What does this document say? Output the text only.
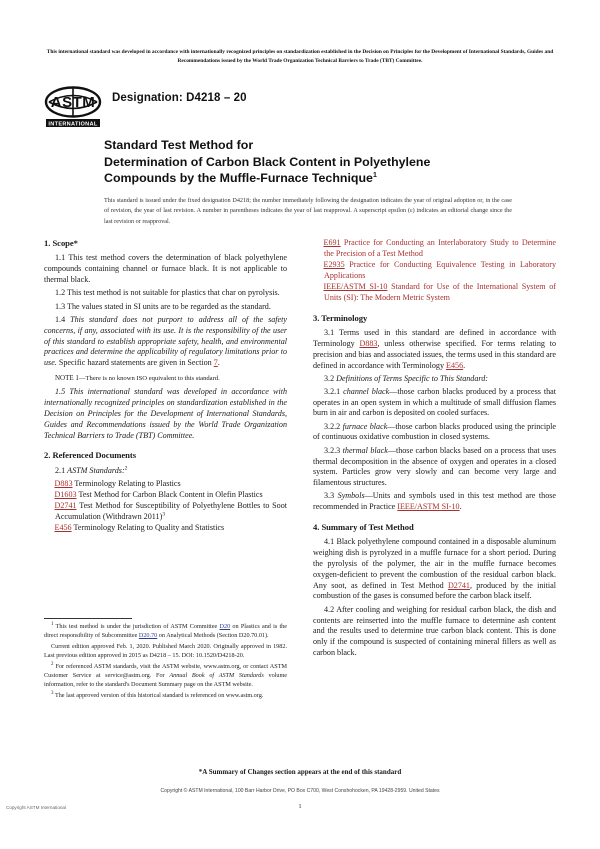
This international standard was developed in accordance with internationally recognized principles on standardization established in the Decision on Principles for the Development of International Standards, Guides and Recommendations issued by the World Trade Organization Technical Barriers to Trade (TBT) Committee.
ASTM
INTERNATIONAL
Designation: D4218 – 20
Standard Test Method for
Determination of Carbon Black Content in Polyethylene
Compounds by the Muffle-Furnace Technique$^1$
This standard is issued under the fixed designation D4218; the number immediately following the designation indicates the year of original adoption or, in the case of revision, the year of last revision. A number in parentheses indicates the year of last reapproval. A superscript epsilon (ε) indicates an editorial change since the last revision or reapproval.
1. Scope*

1.1 This test method covers the determination of black polyethylene compounds containing channel or furnace black. It is not applicable to thermal black.

1.2 This test method is not suitable for plastics that char on pyrolysis.

1.3 The values stated in SI units are to be regarded as the standard.

1.4 This standard does not purport to address all of the safety concerns, if any, associated with its use. It is the responsibility of the user of this standard to establish appropriate safety, health, and environmental practices and determine the applicability of regulatory limitations prior to use. Specific hazard statements are given in Section 7.

NOTE 1—There is no known ISO equivalent to this standard.

1.5 This international standard was developed in accordance with internationally recognized principles on standardization established in the Decision on Principles for the Development of International Standards, Guides and Recommendations issued by the World Trade Organization Technical Barriers to Trade (TBT) Committee.

2. Referenced Documents

2.1 ASTM Standards:$^2$

D883 Terminology Relating to Plastics

D1603 Test Method for Carbon Black Content in Olefin Plastics

D2741 Test Method for Susceptibility of Polyethylene Bottles to Soot Accumulation (Withdrawn 2011)$^3$

E456 Terminology Relating to Quality and Statistics

E691 Practice for Conducting an Interlaboratory Study to Determine the Precision of a Test Method

E2935 Practice for Conducting Equivalence Testing in Laboratory Applications

IEEE/ASTM SI-10 Standard for Use of the International System of Units (SI): The Modern Metric System

3. Terminology

3.1 Terms used in this standard are defined in accordance with Terminology D883, unless otherwise specified. For terms relating to precision and bias and associated issues, the terms used in this standard are defined in accordance with Terminology E456.

3.2 Definitions of Terms Specific to This Standard:

3.2.1 channel black—those carbon blacks produced by a process that operates in an open system in which a multitude of small diffusion flames burn in air and carbon is deposited on cooled surfaces.

3.2.2 furnace black—those carbon blacks produced using the principle of continuous oxidative combustion in closed systems.

3.2.3 thermal black—those carbon blacks based on a process that uses thermal decomposition in the absence of oxygen and operates in a closed system. Particles grow very slowly and can become very large and filamentous structures.

3.3 Symbols—Units and symbols used in this test method are those recommended in Practice IEEE/ASTM SI-10.

4. Summary of Test Method

4.1 Black polyethylene compound contained in a disposable aluminum weighing dish is pyrolyzed in a muffle furnace for a short period. During the pyrolysis of the polymer, the air in the muffle furnace becomes oxygen-deficient to prevent the combustion of the residual carbon black. Any soot, as defined in Test Method D2741, produced by the initial combustion of the gases is consumed before the carbon black itself.

4.2 After cooling and weighing for residual carbon black, the dish and contents are reinserted into the muffle furnace to determine ash content and the results used to determine true carbon black content. This is done only if the compound is suspected of containing mineral fillers as well as carbon black.

$^1$ This test method is under the jurisdiction of ASTM Committee D20 on Plastics and is the direct responsibility of Subcommittee D20.70 on Analytical Methods (Section D20.70.01).

Current edition approved Feb. 1, 2020. Published March 2020. Originally approved in 1982. Last previous edition approved in 2015 as D4218 – 15. DOI: 10.1520/D4218-20.

$^2$ For referenced ASTM standards, visit the ASTM website, www.astm.org, or contact ASTM Customer Service at service@astm.org. For Annual Book of ASTM Standards volume information, refer to the standard's Document Summary page on the ASTM website.

$^3$ The last approved version of this historical standard is referenced on www.astm.org.

*A Summary of Changes section appears at the end of this standard
Copyright © ASTM International, 100 Barr Harbor Drive, PO Box C700, West Conshohocken, PA 19428-2959. United States
Copyright ASTM International	1
